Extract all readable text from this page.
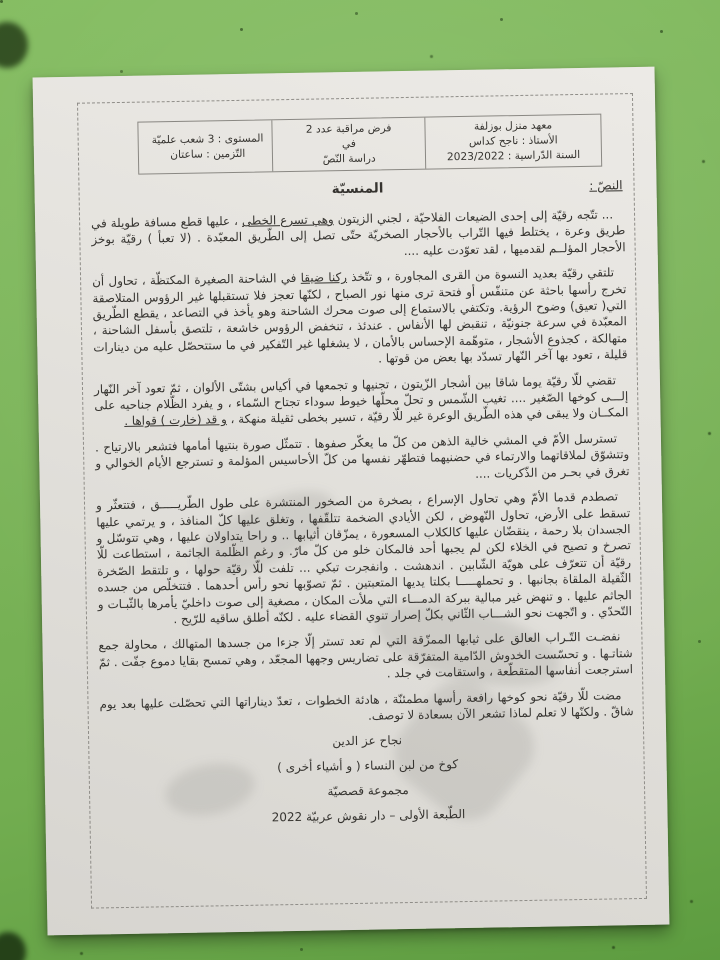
معهد منزل بوزلفة
الأستاذ : ناجح كداس
السنة الدّراسية : 2023/2022
فرض مراقبة عدد 2
في
دراسة النّصّ
المستوى : 3 شعب علميّة
التّزمين : ساعتان
النصّ :
المنسيّة

... تتّجه رقيّة إلى إحدى الضيعات الفلاحيّة ، لجني الزيتون وهي تسرع الخطى ، عليها قطع مسافة طويلة في طريق وعرة ، يختلط فيها التّراب بالأحجار الصخريّة حتّى تصل إلى الطّريق المعبّدة . (لا تعبأ ) رقيّة بوخز الأحجار المؤلــم لقدميها ، لقد تعوّدت عليه ....

تلتقي رقيّة بعديد النسوة من القرى المجاورة ، و تتّخذ ركنا ضيقا في الشاحنة الصغيرة المكتظّة ، تحاول أن تخرج رأسها باحثة عن متنفّس أو فتحة ترى منها نور الصباح ، لكنّها تعجز فلا تستقبلها غير الرؤوس المتلاصقة التي( تعيق) وضوح الرؤية. وتكتفي بالاستماع إلى صوت محرك الشاحنة وهو يأخذ في التصاعد ، يقطع الطّريق المعبّدة في سرعة جنونيّة ، تنقبض لها الأنفاس . عندئذ ، تنخفض الرؤوس خاشعة ، تلتصق بأسفل الشاحنة ، متهالكة ، كجذوع الأشجار ، متوهّمة الإحساس بالأمان ، لا يشغلها غير التّفكير في ما ستتحصّل عليه من دينارات قليلة ، تعود بها آخر النّهار تسدّد بها بعض من قوتها .

تقضي للّا رقيّة يوما شاقا بين أشجار الزّيتون ، تجنيها و تجمعها في أكياس بشتّى الألوان ، ثمّ تعود آخر النّهار إلـــى كوخها الصّغير .... تغيب الشّمس و تحلّ محلّها خيوط سوداء تجتاح السّماء ، و يفرد الظّلام جناحيه على المكــان ولا يبقى في هذه الطّريق الوعرة غير للّا رقيّة ، تسير بخطى ثقيلة منهكة ، و قد (خارت ) قواها .

تسترسل الأمّ في المشي خالية الذهن من كلّ ما يعكّر صفوها . تتمثّل صورة بنتيها أمامها فتشعر بالارتياح . وتتشوّق لملاقاتهما والارتماء في حضنيهما فتطهّر نفسها من كلّ الأحاسيس المؤلمة و تسترجع الأيام الخوالي و تغرق في بحـر من الذّكريات ....

تصطدم قدما الأمّ وهي تحاول الإسراع ، بصخرة من الصخور المنتشرة على طول الطّريـــــق ، فتتعثّر و تسقط على الأرض، تحاول النّهوض ، لكن الأيادي الضخمة تتلقّفها ، وتغلق عليها كلّ المنافذ ، و يرتمي عليها الجسدان بلا رحمة ، ينقضّان عليها كالكلاب المسعورة ، يمزّقان أثيابها .. و راحا يتداولان عليها ، وهي تتوسّل و تصرخ و تصيح في الخلاء لكن لم يجبها أحد فالمكان خلو من كلّ مارّ. و رغم الظّلمة الجاثمة ، استطاعت للّا رقيّة أن تتعرّف على هويّة الشّابين . اندهشت . وانفجرت تبكي ... تلفت للّا رقيّة حولها ، و تلتقط الصّخرة الثّقيلة الملقاة بجانبها . و تحملهـــــا بكلتا يديها المتعبتين . ثمّ تصوّبها نحو رأس أحدهما . فتتخلّص من جسده الجاثم عليها . و تنهض غير مبالية ببركة الدمـــاء التي ملأت المكان ، مصغية إلى صوت داخليّ يأمرها بالثّبـات و التّحدّي . و اتّجهت نحو الشـــاب الثّاني بكلّ إصرار تنوي القضاء عليه . لكنّه أطلق ساقيه للرّيح .

نفضـت التّـراب العالق على ثيابها الممزّقة التي لم تعد تستر إلّا جزءا من جسدها المتهالك ، محاولة جمع شتاتـها . و تحسّست الخدوش الدّامية المتفرّقة على تضاريس وجهها المجعّد ، وهي تمسح بقايا دموع جفّت . ثمّ استرجعت أنفاسها المتقطّعة ، واستقامت في جلد .

مضت للّا رقيّة نحو كوخها رافعة رأسها مطمئنّة ، هادئة الخطوات ، تعدّ ديناراتها التي تحصّلت عليها بعد يوم شاقّ . ولكنّها لا تعلم لماذا تشعر الآن بسعادة لا توصف.

نجاح عز الدين
كوخ من لبن النساء ( و أشياء أخرى )
مجموعة قصصيّة
الطّبعة الأولى – دار نقوش عربيّة 2022
